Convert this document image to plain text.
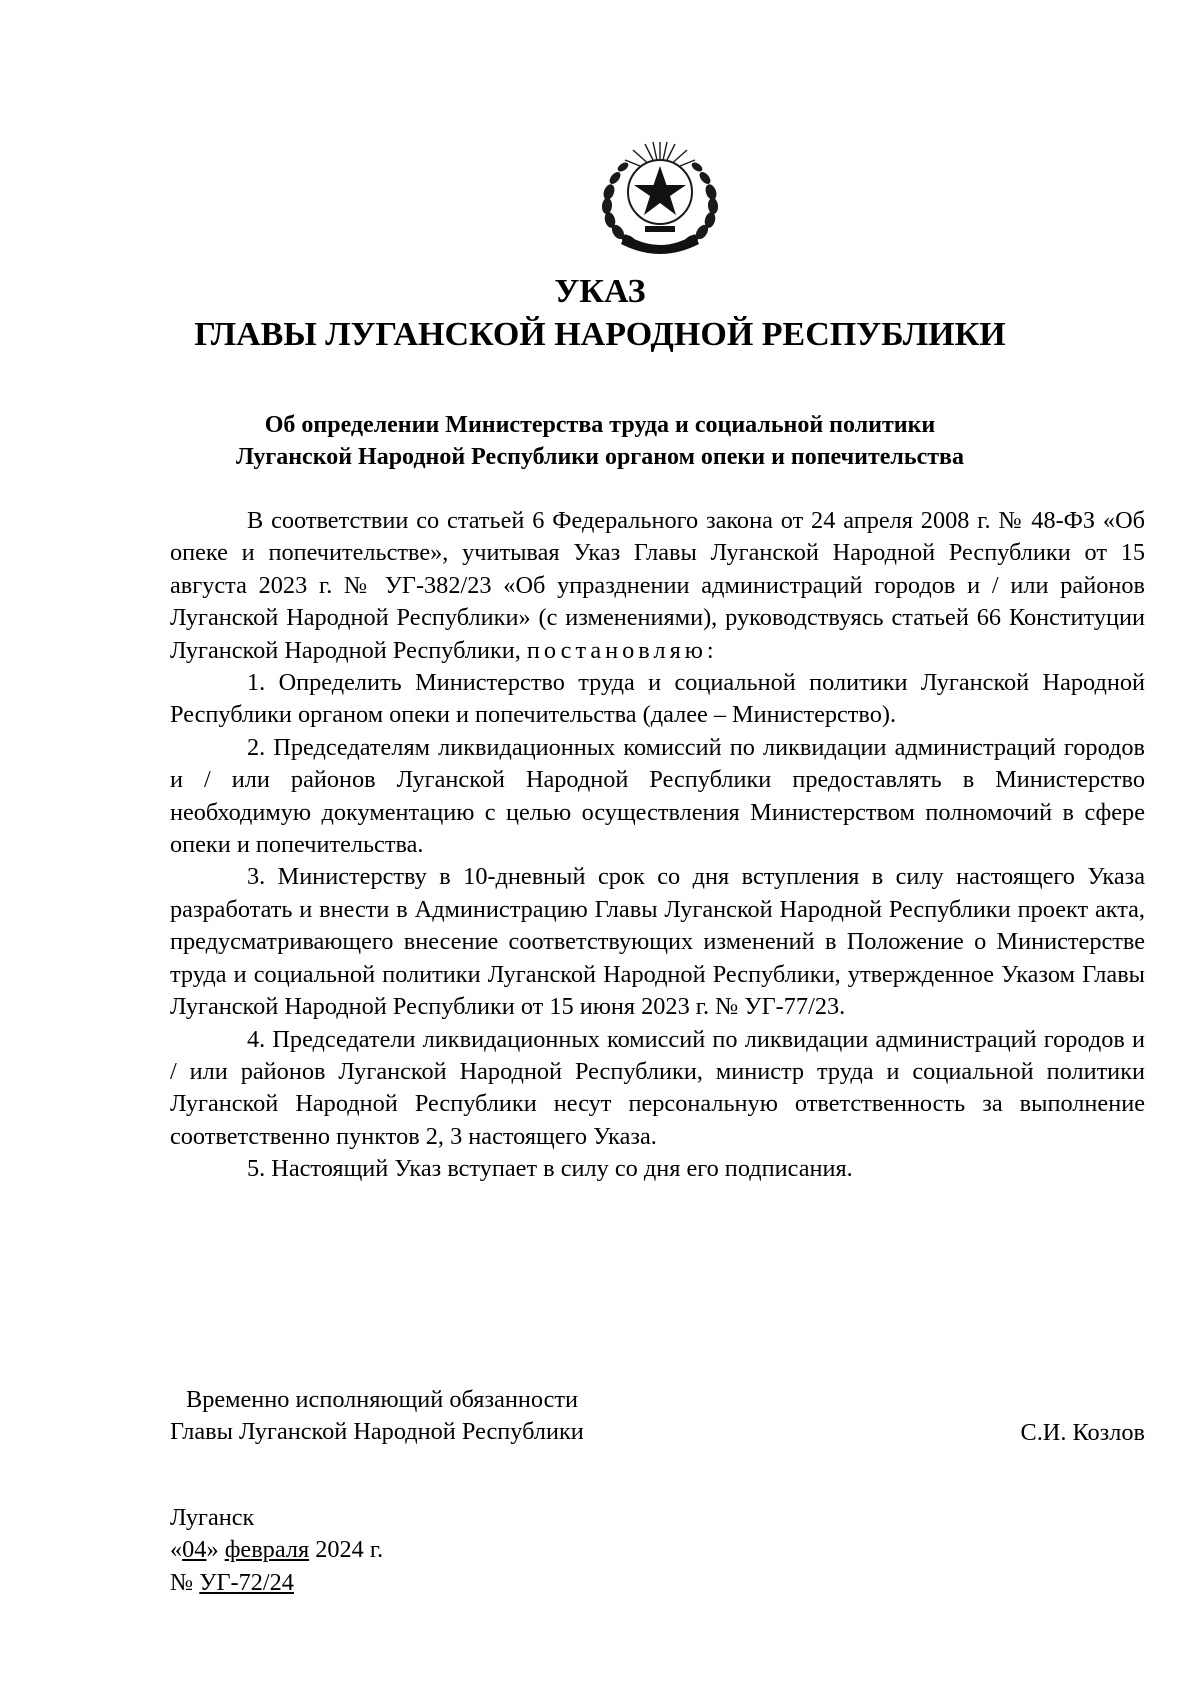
УКАЗ
ГЛАВЫ ЛУГАНСКОЙ НАРОДНОЙ РЕСПУБЛИКИ
Об определении Министерства труда и социальной политики
Луганской Народной Республики органом опеки и попечительства

В соответствии со статьей 6 Федерального закона от 24 апреля 2008 г. № 48-ФЗ «Об опеке и попечительстве», учитывая Указ Главы Луганской Народной Республики от 15 августа 2023 г. № УГ-382/23 «Об упразднении администраций городов и / или районов Луганской Народной Республики» (с изменениями), руководствуясь статьей 66 Конституции Луганской Народной Республики, постановляю:

1. Определить Министерство труда и социальной политики Луганской Народной Республики органом опеки и попечительства (далее – Министерство).

2. Председателям ликвидационных комиссий по ликвидации администраций городов и / или районов Луганской Народной Республики предоставлять в Министерство необходимую документацию с целью осуществления Министерством полномочий в сфере опеки и попечительства.

3. Министерству в 10-дневный срок со дня вступления в силу настоящего Указа разработать и внести в Администрацию Главы Луганской Народной Республики проект акта, предусматривающего внесение соответствующих изменений в Положение о Министерстве труда и социальной политики Луганской Народной Республики, утвержденное Указом Главы Луганской Народной Республики от 15 июня 2023 г. № УГ-77/23.

4. Председатели ликвидационных комиссий по ликвидации администраций городов и / или районов Луганской Народной Республики, министр труда и социальной политики Луганской Народной Республики несут персональную ответственность за выполнение соответственно пунктов 2, 3 настоящего Указа.

5. Настоящий Указ вступает в силу со дня его подписания.

Временно исполняющий обязанности
Главы Луганской Народной Республики	С.И. Козлов
Луганск
«04» февраля 2024 г.
№ УГ-72/24
